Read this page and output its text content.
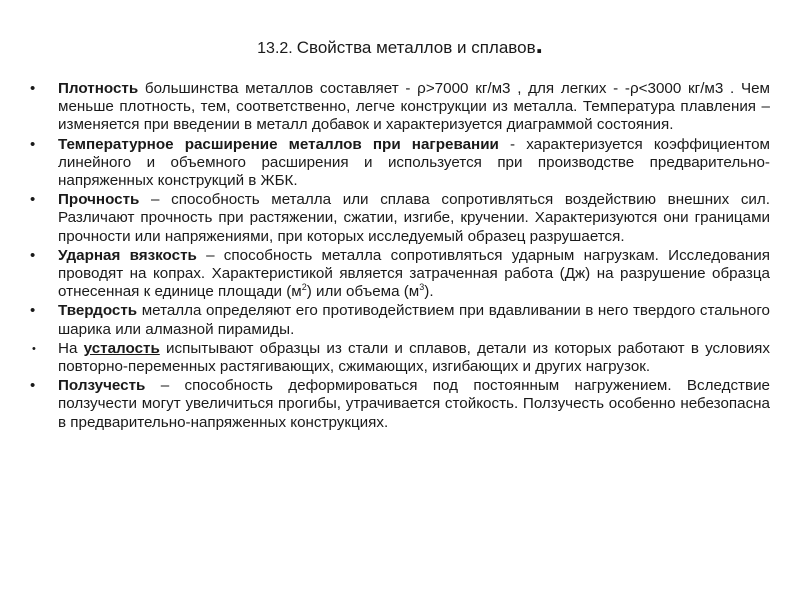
13.2. Свойства металлов и сплавов.
• Плотность большинства металлов составляет - ρ>7000 кг/м3 , для легких - -ρ<3000 кг/м3 . Чем меньше плотность, тем, соответственно, легче конструкции из металла. Температура плавления – изменяется при введении в металл добавок и характеризуется диаграммой состояния.
• Температурное расширение металлов при нагревании - характеризуется коэффициентом линейного и объемного расширения и используется при производстве предварительно-напряженных конструкций в ЖБК.
• Прочность – способность металла или сплава сопротивляться воздействию внешних сил. Различают прочность при растяжении, сжатии, изгибе, кручении. Характеризуются они границами прочности или напряжениями, при которых исследуемый образец разрушается.
• Ударная вязкость – способность металла сопротивляться ударным нагрузкам. Исследования проводят на копрах. Характеристикой является затраченная работа (Дж) на разрушение образца отнесенная к единице площади $(м^2)$ или объема $(м^3)$.
• Твердость металла определяют его противодействием при вдавливании в него твердого стального шарика или алмазной пирамиды.
• На усталость испытывают образцы из стали и сплавов, детали из которых работают в условиях повторно-переменных растягивающих, сжимающих, изгибающих и других нагрузок.
• Ползучесть – способность деформироваться под постоянным нагружением. Вследствие ползучести могут увеличиться прогибы, утрачивается стойкость. Ползучесть особенно небезопасна в предварительно-напряженных конструкциях.
